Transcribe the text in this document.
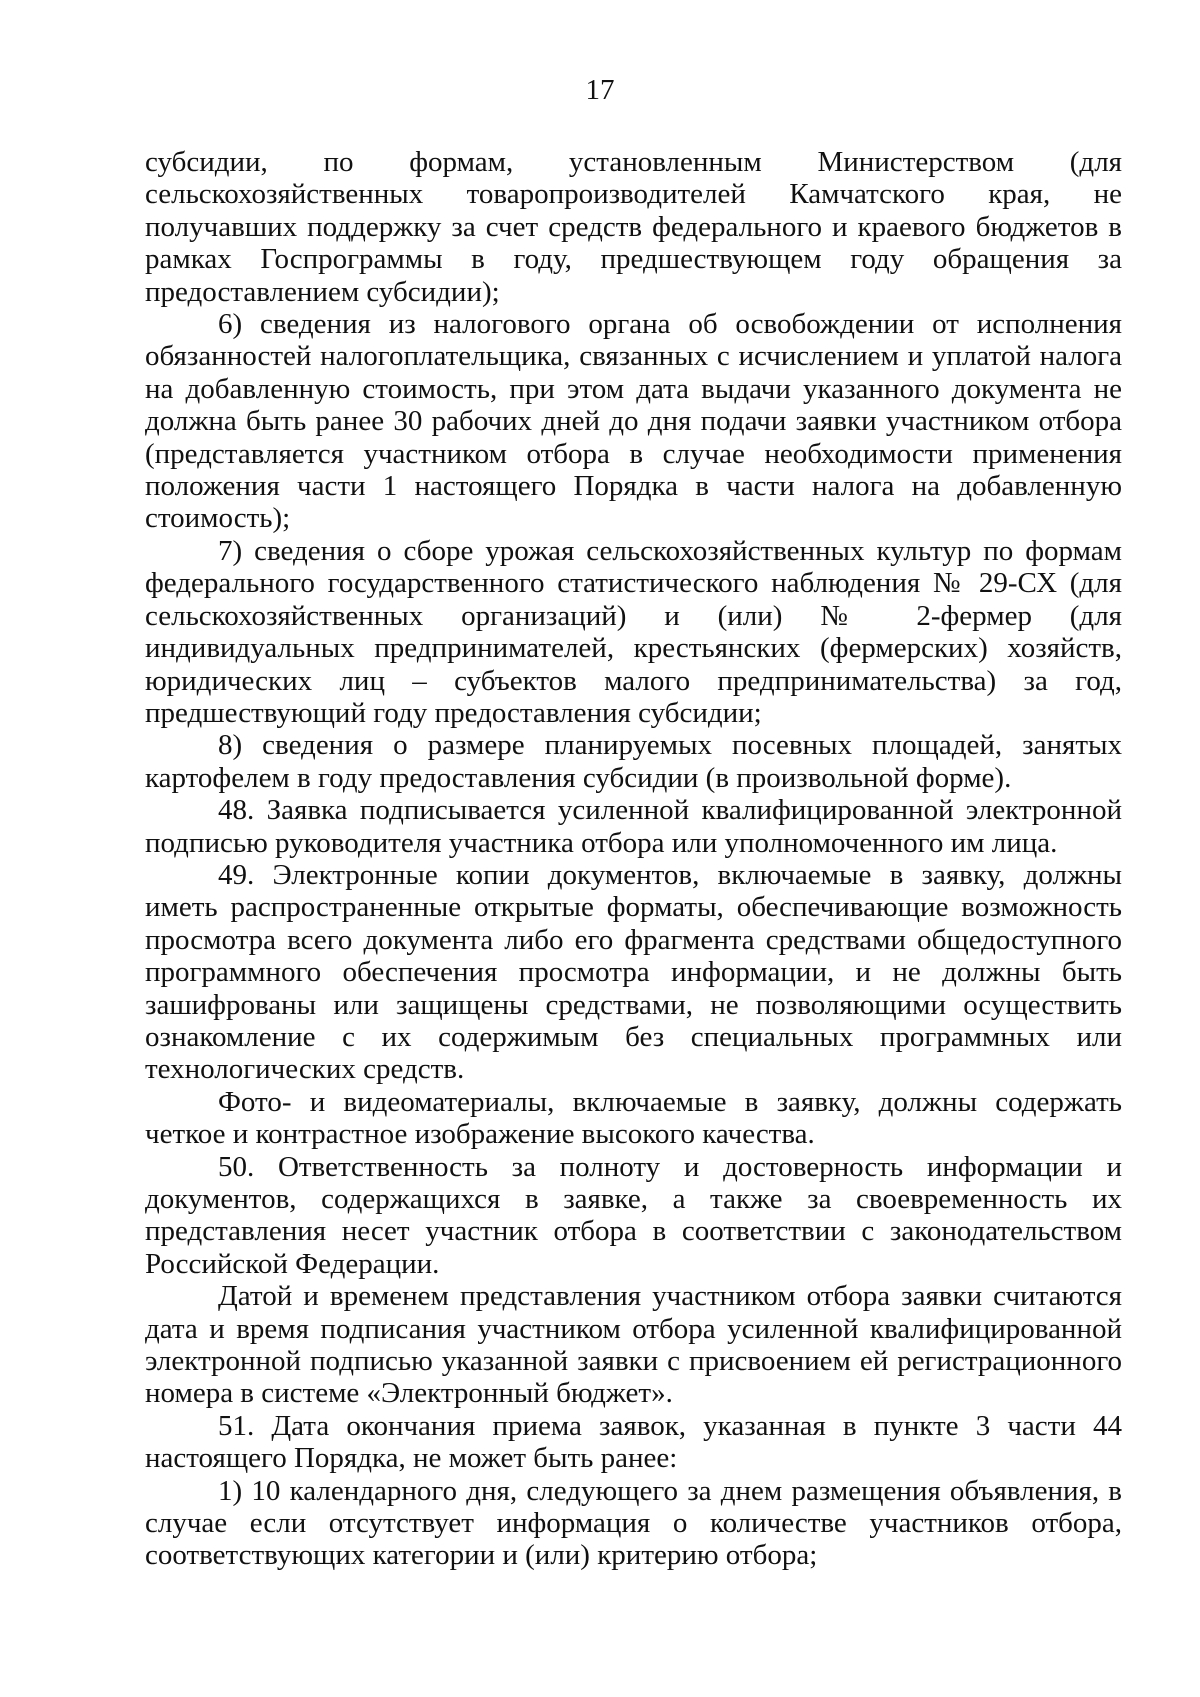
17

субсидии, по формам, установленным Министерством (для сельскохозяйственных товаропроизводителей Камчатского края, не получавших поддержку за счет средств федерального и краевого бюджетов в рамках Госпрограммы в году, предшествующем году обращения за предоставлением субсидии);

6) сведения из налогового органа об освобождении от исполнения обязанностей налогоплательщика, связанных с исчислением и уплатой налога на добавленную стоимость, при этом дата выдачи указанного документа не должна быть ранее 30 рабочих дней до дня подачи заявки участником отбора (представляется участником отбора в случае необходимости применения положения части 1 настоящего Порядка в части налога на добавленную стоимость);

7) сведения о сборе урожая сельскохозяйственных культур по формам федерального государственного статистического наблюдения № 29-СХ (для сельскохозяйственных организаций) и (или) № 2-фермер (для индивидуальных предпринимателей, крестьянских (фермерских) хозяйств, юридических лиц – субъектов малого предпринимательства) за год, предшествующий году предоставления субсидии;

8) сведения о размере планируемых посевных площадей, занятых картофелем в году предоставления субсидии (в произвольной форме).

48. Заявка подписывается усиленной квалифицированной электронной подписью руководителя участника отбора или уполномоченного им лица.

49. Электронные копии документов, включаемые в заявку, должны иметь распространенные открытые форматы, обеспечивающие возможность просмотра всего документа либо его фрагмента средствами общедоступного программного обеспечения просмотра информации, и не должны быть зашифрованы или защищены средствами, не позволяющими осуществить ознакомление с их содержимым без специальных программных или технологических средств.

Фото- и видеоматериалы, включаемые в заявку, должны содержать четкое и контрастное изображение высокого качества.

50. Ответственность за полноту и достоверность информации и документов, содержащихся в заявке, а также за своевременность их представления несет участник отбора в соответствии с законодательством Российской Федерации.

Датой и временем представления участником отбора заявки считаются дата и время подписания участником отбора усиленной квалифицированной электронной подписью указанной заявки с присвоением ей регистрационного номера в системе «Электронный бюджет».

51. Дата окончания приема заявок, указанная в пункте 3 части 44 настоящего Порядка, не может быть ранее:

1) 10 календарного дня, следующего за днем размещения объявления, в случае если отсутствует информация о количестве участников отбора, соответствующих категории и (или) критерию отбора;
